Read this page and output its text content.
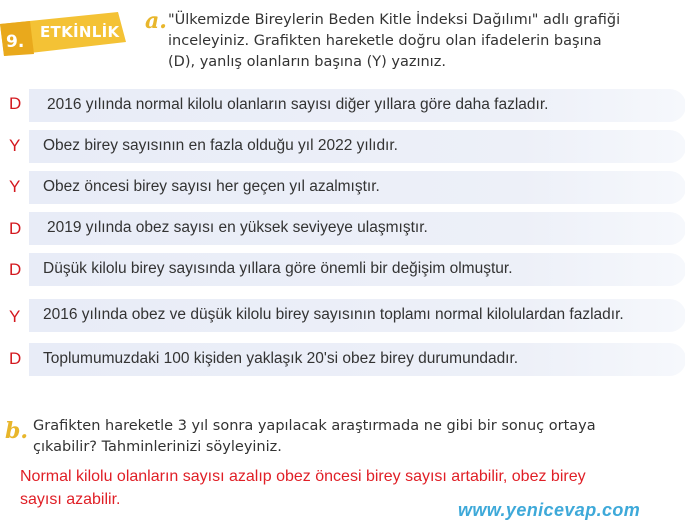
9. ETKİNLİK a. "Ülkemizde Bireylerin Beden Kitle İndeksi Dağılımı" adlı grafiği
inceleyiniz. Grafikten hareketle doğru olan ifadelerin başına
(D), yanlış olanların başına (Y) yazınız.
2016 yılında normal kilolu olanların sayısı diğer yıllara göre daha fazladır.
D
Obez birey sayısının en fazla olduğu yıl 2022 yılıdır.
Y
Obez öncesi birey sayısı her geçen yıl azalmıştır.
Y
2019 yılında obez sayısı en yüksek seviyeye ulaşmıştır.
D
Düşük kilolu birey sayısında yıllara göre önemli bir değişim olmuştur.
D
2016 yılında obez ve düşük kilolu birey sayısının toplamı normal kilolulardan fazladır.
Y
Toplumumuzdaki 100 kişiden yaklaşık 20'si obez birey durumundadır.
D
b. Grafikten hareketle 3 yıl sonra yapılacak araştırmada ne gibi bir sonuç ortaya
çıkabilir? Tahminlerinizi söyleyiniz.
Normal kilolu olanların sayısı azalıp obez öncesi birey sayısı artabilir, obez birey
sayısı azabilir.
www.yenicevap.com
